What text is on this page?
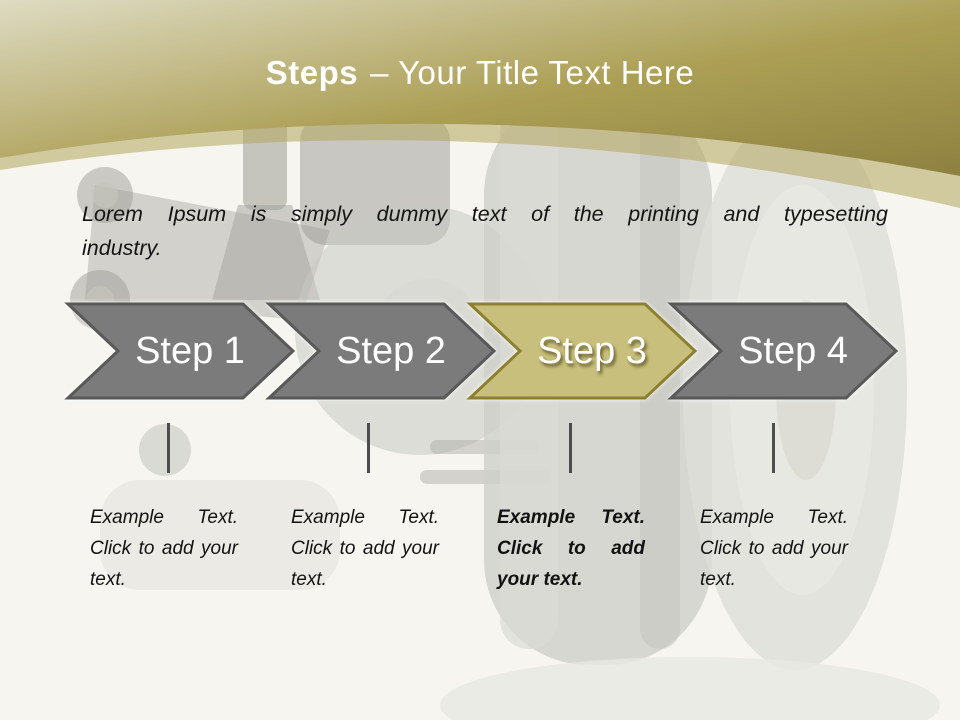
Steps – Your Title Text Here
Lorem Ipsum is simply dummy text of the printing and typesetting
industry.
Step 1	Step 2	Step 3	Step 4
Example Text. Click to add your text.
Example Text. Click to add your text.
Example Text. Click to add your text.
Example Text. Click to add your text.
